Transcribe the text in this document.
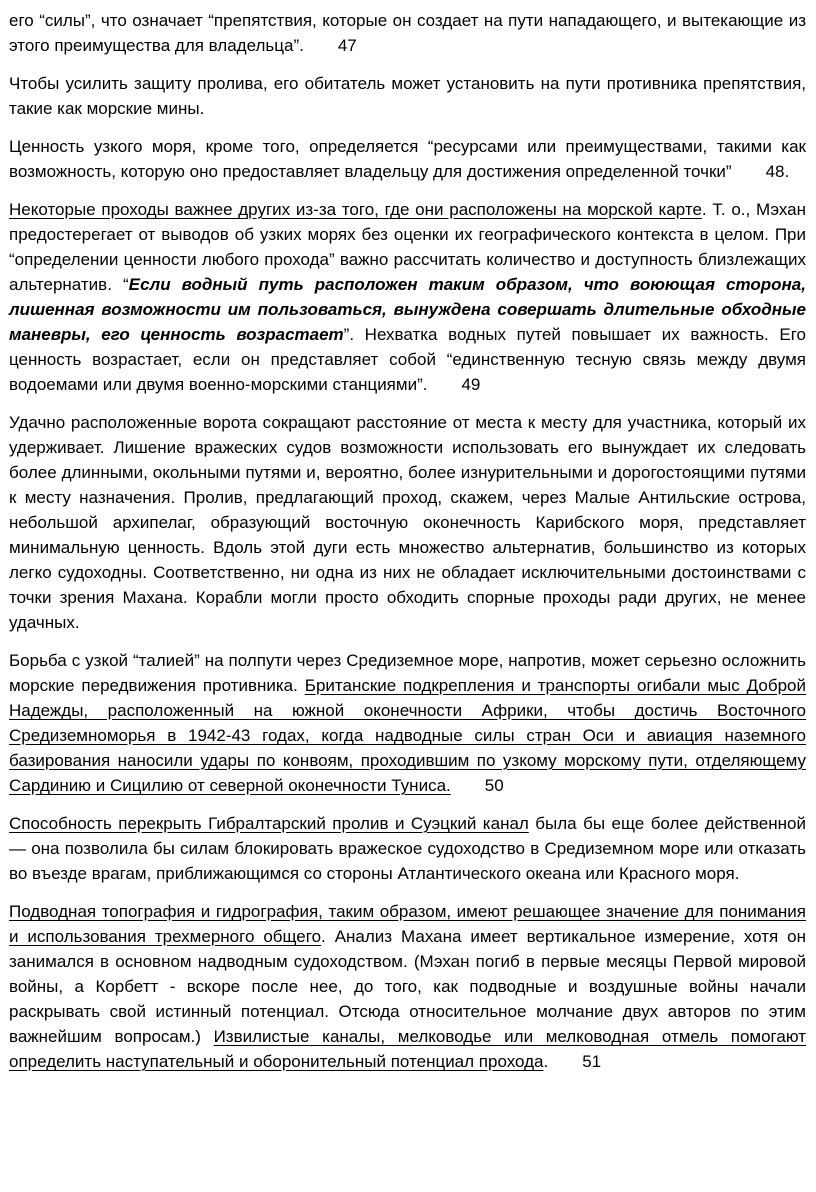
его “силы”, что означает “препятствия, которые он создает на пути нападающего, и вытекающие из этого преимущества для владельца”. 47

Чтобы усилить защиту пролива, его обитатель может установить на пути противника препятствия, такие как морские мины.

Ценность узкого моря, кроме того, определяется “ресурсами или преимуществами, такими как возможность, которую оно предоставляет владельцу для достижения определенной точки” 48.

Некоторые проходы важнее других из-за того, где они расположены на морской карте. Т. о., Мэхан предостерегает от выводов об узких морях без оценки их географического контекста в целом. При “определении ценности любого прохода” важно рассчитать количество и доступность близлежащих альтернатив. “Если водный путь расположен таким образом, что воюющая сторона, лишенная возможности им пользоваться, вынуждена совершать длительные обходные маневры, его ценность возрастает”. Нехватка водных путей повышает их важность. Его ценность возрастает, если он представляет собой “единственную тесную связь между двумя водоемами или двумя военно-морскими станциями”. 49

Удачно расположенные ворота сокращают расстояние от места к месту для участника, который их удерживает. Лишение вражеских судов возможности использовать его вынуждает их следовать более длинными, окольными путями и, вероятно, более изнурительными и дорогостоящими путями к месту назначения. Пролив, предлагающий проход, скажем, через Малые Антильские острова, небольшой архипелаг, образующий восточную оконечность Карибского моря, представляет минимальную ценность. Вдоль этой дуги есть множество альтернатив, большинство из которых легко судоходны. Соответственно, ни одна из них не обладает исключительными достоинствами с точки зрения Махана. Корабли могли просто обходить спорные проходы ради других, не менее удачных.

Борьба с узкой “талией” на полпути через Средиземное море, напротив, может серьезно осложнить морские передвижения противника. Британские подкрепления и транспорты огибали мыс Доброй Надежды, расположенный на южной оконечности Африки, чтобы достичь Восточного Средиземноморья в 1942-43 годах, когда надводные силы стран Оси и авиация наземного базирования наносили удары по конвоям, проходившим по узкому морскому пути, отделяющему Сардинию и Сицилию от северной оконечности Туниса. 50

Способность перекрыть Гибралтарский пролив и Суэцкий канал была бы еще более действенной — она позволила бы силам блокировать вражеское судоходство в Средиземном море или отказать во въезде врагам, приближающимся со стороны Атлантического океана или Красного моря.

Подводная топография и гидрография, таким образом, имеют решающее значение для понимания и использования трехмерного общего. Анализ Махана имеет вертикальное измерение, хотя он занимался в основном надводным судоходством. (Мэхан погиб в первые месяцы Первой мировой войны, а Корбетт - вскоре после нее, до того, как подводные и воздушные войны начали раскрывать свой истинный потенциал. Отсюда относительное молчание двух авторов по этим важнейшим вопросам.) Извилистые каналы, мелководье или мелководная отмель помогают определить наступательный и оборонительный потенциал прохода. 51
